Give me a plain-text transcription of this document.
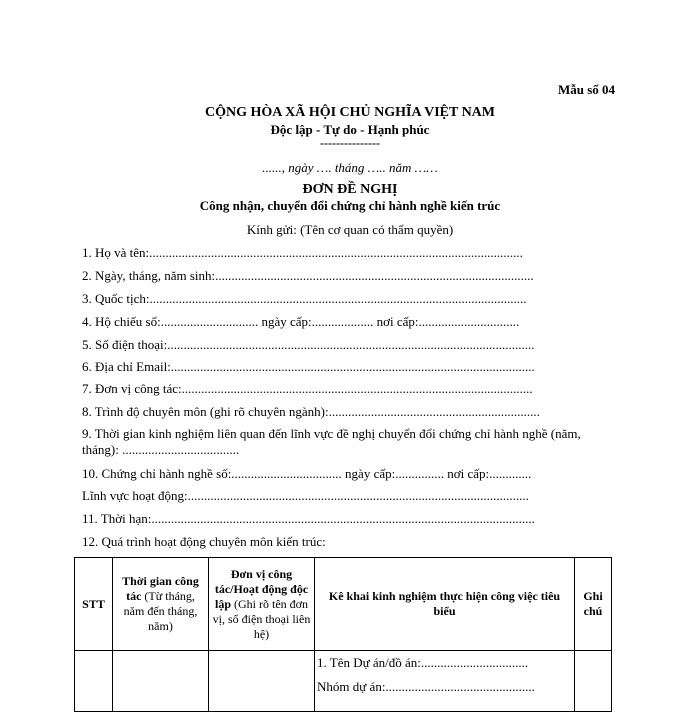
Mẫu số 04
CỘNG HÒA XÃ HỘI CHỦ NGHĨA VIỆT NAM
Độc lập - Tự do - Hạnh phúc
---------------
......, ngày …. tháng ….. năm ……
ĐƠN ĐỀ NGHỊ
Công nhận, chuyển đổi chứng chỉ hành nghề kiến trúc
Kính gửi: (Tên cơ quan có thẩm quyền)
1. Họ và tên:...................................................................................................................
2. Ngày, tháng, năm sinh:..................................................................................................
3. Quốc tịch:....................................................................................................................
4. Hộ chiếu số:.............................. ngày cấp:................... nơi cấp:...............................
5. Số điện thoại:.................................................................................................................
6. Địa chỉ Email:................................................................................................................
7. Đơn vị công tác:............................................................................................................
8. Trình độ chuyên môn (ghi rõ chuyên ngành):.................................................................
9. Thời gian kinh nghiệm liên quan đến lĩnh vực đề nghị chuyển đổi chứng chỉ hành nghề (năm, tháng): ....................................
10. Chứng chỉ hành nghề số:.................................. ngày cấp:............... nơi cấp:.............
Lĩnh vực hoạt động:.........................................................................................................
11. Thời hạn:......................................................................................................................
12. Quá trình hoạt động chuyên môn kiến trúc:
STT	Thời gian công tác (Từ tháng, năm đến tháng, năm)	Đơn vị công tác/Hoạt động độc lập (Ghi rõ tên đơn vị, số điện thoại liên hệ)	Kê khai kinh nghiệm thực hiện công việc tiêu biểu	Ghi chú

			1. Tên Dự án/đồ án:.................................
Nhóm dự án:..............................................	
